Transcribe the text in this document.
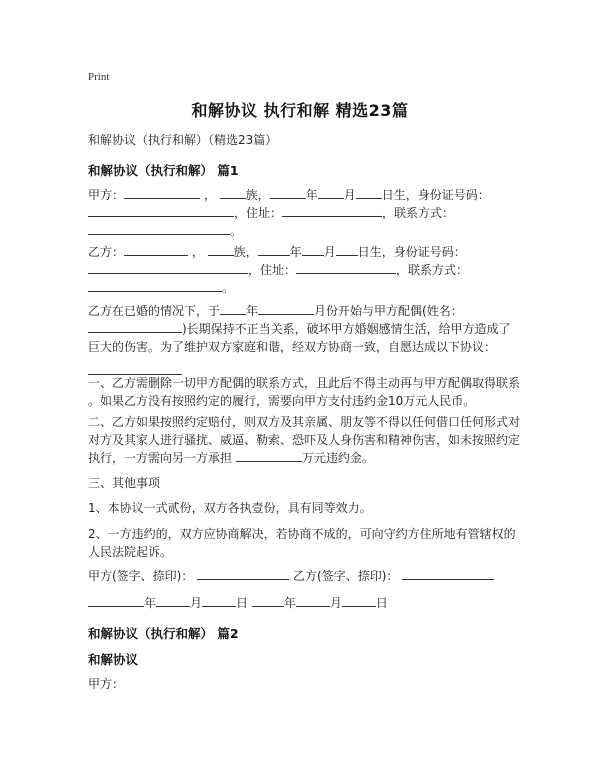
Print
和解协议 执行和解 精选23篇
和解协议（执行和解）（精选23篇）
和解协议（执行和解） 篇1
甲方：	， 族，	年 月 日生，身份证号码：
，住址：	，联系方式：
。
乙方：	， 族，	年 月 日生，身份证号码：
，住址：	，联系方式：
。
乙方在已婚的情况下，于 年	月份开始与甲方配偶(姓名：
)长期保持不正当关系，破坏甲方婚姻感情生活，给甲方造成了
巨大的伤害。为了维护双方家庭和谐，经双方协商一致，自愿达成以下协议：
一、乙方需删除一切甲方配偶的联系方式，且此后不得主动再与甲方配偶取得联系
。如果乙方没有按照约定的履行，需要向甲方支付违约金10万元人民币。
二、乙方如果按照约定赔付，则双方及其亲属、朋友等不得以任何借口任何形式对
对方及其家人进行骚扰、威逼、勒索、恐吓及人身伤害和精神伤害，如未按照约定
执行，一方需向另一方承担	万元违约金。
三、其他事项
1、本协议一式贰份，双方各执壹份，具有同等效力。
2、一方违约的，双方应协商解决，若协商不成的，可向守约方住所地有管辖权的
人民法院起诉。
甲方(签字、捺印)：	乙方(签字、捺印)：
年	月	日	年	月	日
和解协议（执行和解） 篇2
和解协议
甲方：
